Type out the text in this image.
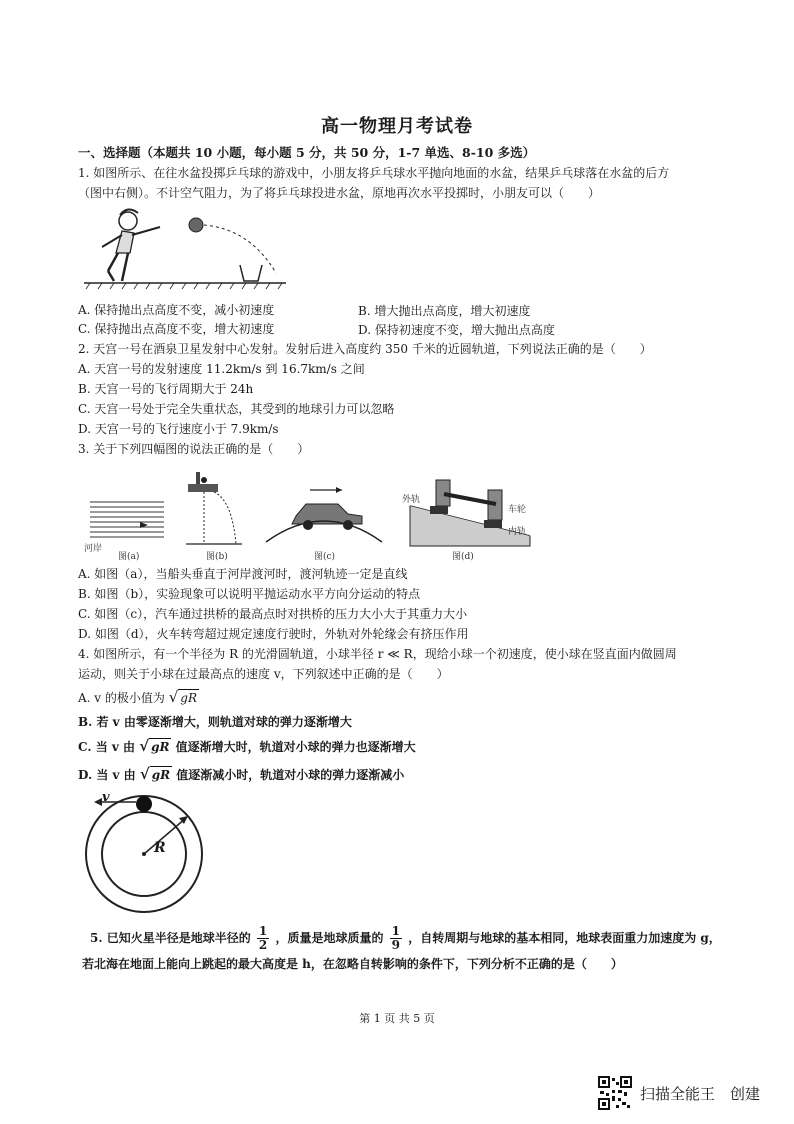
高一物理月考试卷
一、选择题（本题共 10 小题，每小题 5 分，共 50 分，1-7 单选、8-10 多选）
1. 如图所示、在往水盆投掷乒乓球的游戏中，小朋友将乒乓球水平抛向地面的水盆，结果乒乓球落在水盆的后方
（图中右侧）。不计空气阻力，为了将乒乓球投进水盆，原地再次水平投掷时，小朋友可以（　　）
A. 保持抛出点高度不变，减小初速度	B. 增大抛出点高度，增大初速度
C. 保持抛出点高度不变，增大初速度	D. 保持初速度不变，增大抛出点高度
2. 天宫一号在酒泉卫星发射中心发射。发射后进入高度约 350 千米的近圆轨道，下列说法正确的是（　　）
A. 天宫一号的发射速度 11.2km/s 到 16.7km/s 之间
B. 天宫一号的飞行周期大于 24h
C. 天宫一号处于完全失重状态，其受到的地球引力可以忽略
D. 天宫一号的飞行速度小于 7.9km/s
3. 关于下列四幅图的说法正确的是（　　）
河岸
图(a)	图(b)	图(c)
外轨
车轮
内轨
图(d)
A. 如图（a），当船头垂直于河岸渡河时，渡河轨迹一定是直线
B. 如图（b），实验现象可以说明平抛运动水平方向分运动的特点
C. 如图（c），汽车通过拱桥的最高点时对拱桥的压力大小大于其重力大小
D. 如图（d），火车转弯超过规定速度行驶时，外轨对外轮缘会有挤压作用
4. 如图所示，有一个半径为 R 的光滑圆轨道，小球半径 r ≪ R，现给小球一个初速度，使小球在竖直面内做圆周
运动，则关于小球在过最高点的速度 v，下列叙述中正确的是（　　）
A. v 的极小值为 √ gR
B. 若 v 由零逐渐增大，则轨道对球的弹力逐渐增大
C. 当 v 由 √ gR 值逐渐增大时，轨道对小球的弹力也逐渐增大
D. 当 v 由 √ gR 值逐渐减小时，轨道对小球的弹力逐渐减小
v
R
5. 已知火星半径是地球半径的 $\frac{1}{2}$ ，质量是地球质量的 $\frac{1}{9}$ ，自转周期与地球的基本相同，地球表面重力加速度为 g，
若北海在地面上能向上跳起的最大高度是 h，在忽略自转影响的条件下，下列分析不正确的是（　　）
第 1 页 共 5 页
扫描全能王　创建
